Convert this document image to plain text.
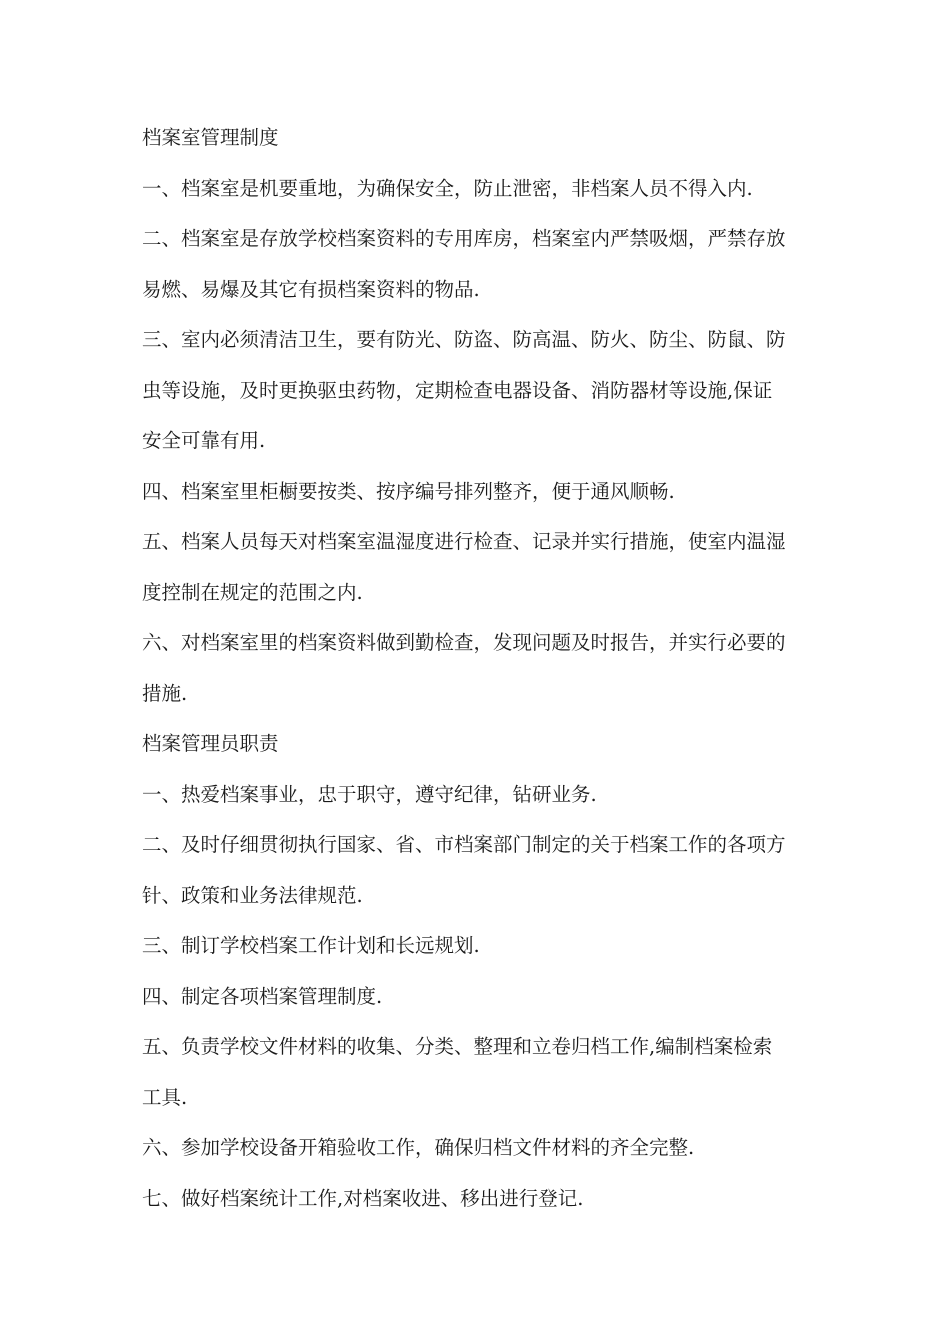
档案室管理制度
一、档案室是机要重地，为确保安全，防止泄密，非档案人员不得入内.
二、档案室是存放学校档案资料的专用库房，档案室内严禁吸烟，严禁存放
易燃、易爆及其它有损档案资料的物品.
三、室内必须清洁卫生，要有防光、防盗、防高温、防火、防尘、防鼠、防
虫等设施，及时更换驱虫药物，定期检查电器设备、消防器材等设施,保证
安全可靠有用.
四、档案室里柜橱要按类、按序编号排列整齐，便于通风顺畅.
五、档案人员每天对档案室温湿度进行检查、记录并实行措施，使室内温湿
度控制在规定的范围之内.
六、对档案室里的档案资料做到勤检查，发现问题及时报告，并实行必要的
措施.
档案管理员职责
一、热爱档案事业，忠于职守，遵守纪律，钻研业务.
二、及时仔细贯彻执行国家、省、市档案部门制定的关于档案工作的各项方
针、政策和业务法律规范.
三、制订学校档案工作计划和长远规划.
四、制定各项档案管理制度.
五、负责学校文件材料的收集、分类、整理和立卷归档工作,编制档案检索
工具.
六、参加学校设备开箱验收工作，确保归档文件材料的齐全完整.
七、做好档案统计工作,对档案收进、移出进行登记.
